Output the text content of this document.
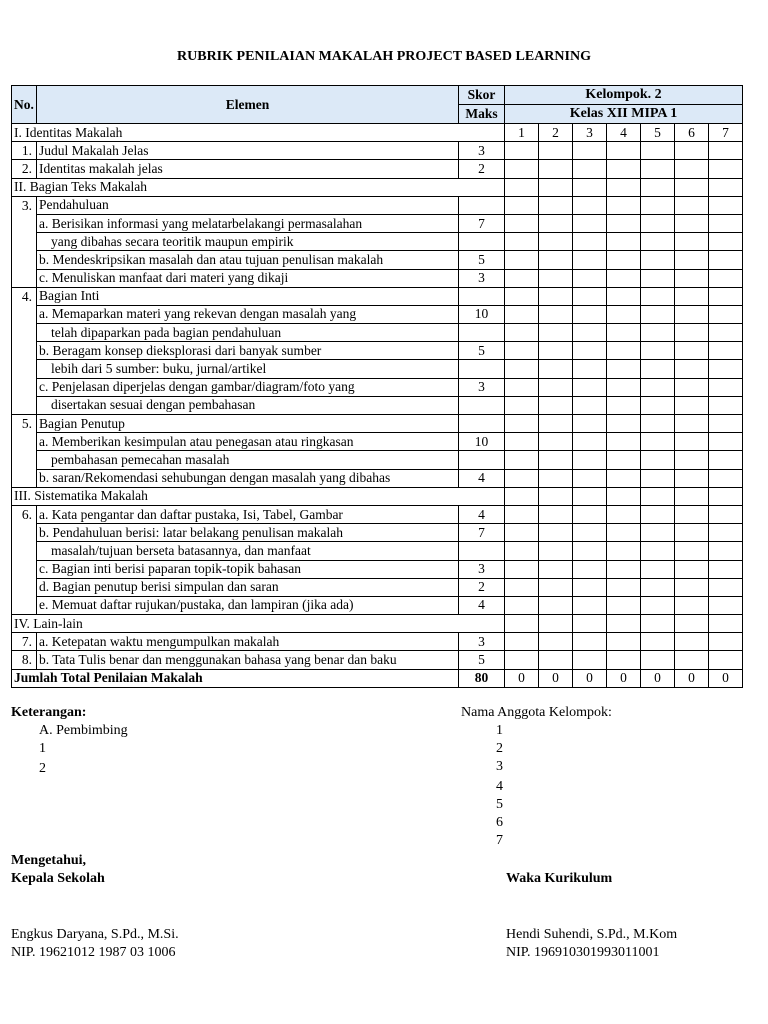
RUBRIK PENILAIAN MAKALAH PROJECT BASED LEARNING
No.	Elemen	Skor	Kelompok. 2						
		Maks	Kelas XII MIPA 1						
I. Identitas Makalah			1	2	3	4	5	6	7
1.	Judul Makalah Jelas	3							
2.	Identitas makalah jelas	2							
II. Bagian Teks Makalah									
3.	Pendahuluan								
	a. Berisikan informasi yang melatarbelakangi permasalahan	7							
	yang dibahas secara teoritik maupun empirik								
	b. Mendeskripsikan masalah dan atau tujuan penulisan makalah	5							
	c. Menuliskan manfaat dari materi yang dikaji	3							
4.	Bagian Inti								
	a. Memaparkan materi yang rekevan dengan masalah yang	10							
	telah dipaparkan pada bagian pendahuluan								
	b. Beragam konsep dieksplorasi dari banyak sumber	5							
	lebih dari 5 sumber: buku, jurnal/artikel								
	c. Penjelasan diperjelas dengan gambar/diagram/foto yang	3							
	disertakan sesuai dengan pembahasan								
5.	Bagian Penutup								
	a. Memberikan kesimpulan atau penegasan atau ringkasan	10							
	pembahasan pemecahan masalah								
	b. saran/Rekomendasi sehubungan dengan masalah yang dibahas	4							
III. Sistematika Makalah									
6.	a. Kata pengantar dan daftar pustaka, Isi, Tabel, Gambar	4							
	b. Pendahuluan berisi: latar belakang penulisan makalah	7							
	masalah/tujuan berseta batasannya, dan manfaat								
	c. Bagian inti berisi paparan topik-topik bahasan	3							
	d. Bagian penutup berisi simpulan dan saran	2							
	e. Memuat daftar rujukan/pustaka, dan lampiran (jika ada)	4							
IV. Lain-lain									
7.	a. Ketepatan waktu mengumpulkan makalah	3							
8.	b. Tata Tulis benar dan menggunakan bahasa yang benar dan baku	5							
Jumlah Total Penilaian Makalah		80	0	0	0	0	0	0	0
Keterangan:
A. Pembimbing
1
2
Nama Anggota Kelompok:
1
2
3
4
5
6
7
Mengetahui,
Kepala Sekolah	Waka Kurikulum
Engkus Daryana, S.Pd., M.Si.
NIP. 19621012 1987 03 1006
Hendi Suhendi, S.Pd., M.Kom
NIP. 196910301993011001
